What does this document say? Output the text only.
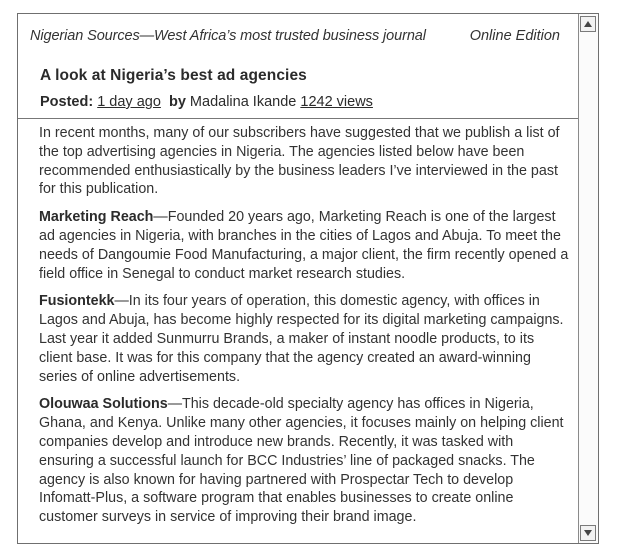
Nigerian Sources—West Africa’s most trusted business journal	Online Edition
A look at Nigeria’s best ad agencies
Posted: 1 day ago by Madalina Ikande 1242 views

In recent months, many of our subscribers have suggested that we publish a list of the top advertising agencies in Nigeria. The agencies listed below have been recommended enthusiastically by the business leaders I’ve interviewed in the past for this publication.

Marketing Reach—Founded 20 years ago, Marketing Reach is one of the largest ad agencies in Nigeria, with branches in the cities of Lagos and Abuja. To meet the needs of Dangoumie Food Manufacturing, a major client, the firm recently opened a field office in Senegal to conduct market research studies.

Fusiontekk—In its four years of operation, this domestic agency, with offices in Lagos and Abuja, has become highly respected for its digital marketing campaigns. Last year it added Sunmurru Brands, a maker of instant noodle products, to its client base. It was for this company that the agency created an award-winning series of online advertisements.

Olouwaa Solutions—This decade-old specialty agency has offices in Nigeria, Ghana, and Kenya. Unlike many other agencies, it focuses mainly on helping client companies develop and introduce new brands. Recently, it was tasked with ensuring a successful launch for BCC Industries’ line of packaged snacks. The agency is also known for having partnered with Prospectar Tech to develop Infomatt-Plus, a software program that enables businesses to create online customer surveys in service of improving their brand image.
